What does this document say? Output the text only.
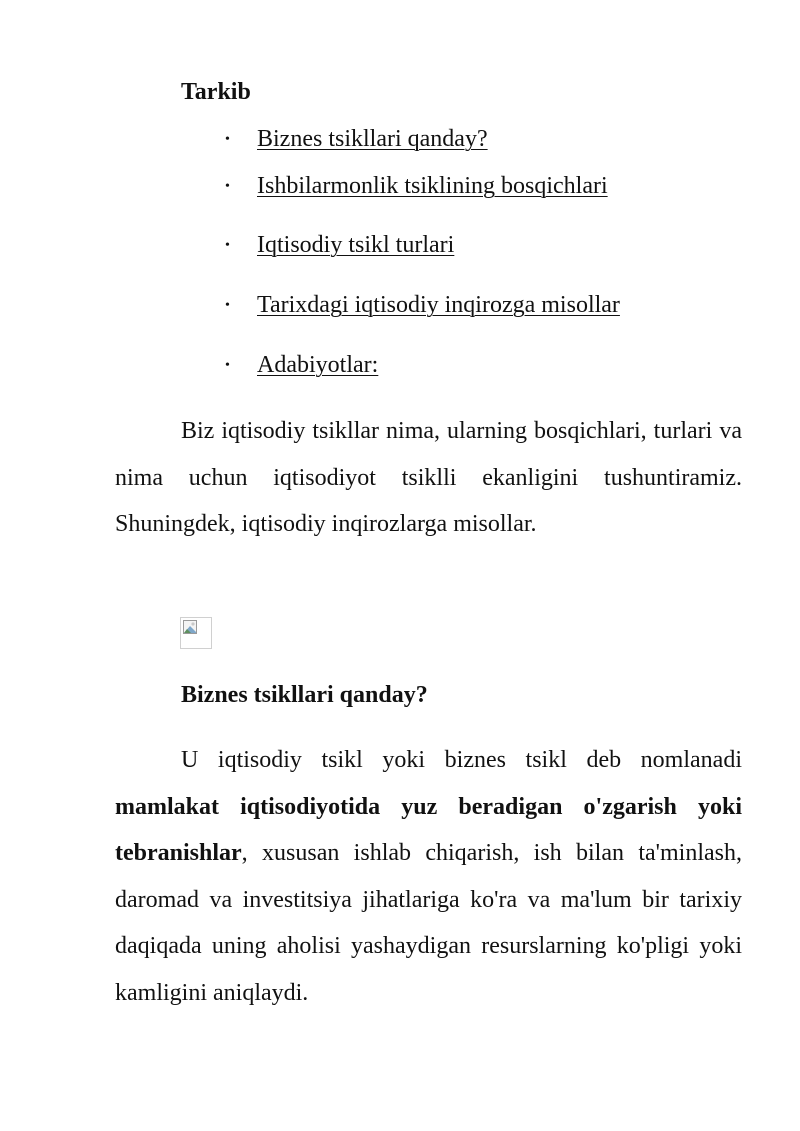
Tarkib
• Biznes tsikllari qanday?
• Ishbilarmonlik tsiklining bosqichlari
• Iqtisodiy tsikl turlari
• Tarixdagi iqtisodiy inqirozga misollar
• Adabiyotlar:

Biz iqtisodiy tsikllar nima, ularning bosqichlari, turlari va nima uchun iqtisodiyot tsiklli ekanligini tushuntiramiz. Shuningdek, iqtisodiy inqirozlarga misollar.

Biznes tsikllari qanday?

U iqtisodiy tsikl yoki biznes tsikl deb nomlanadi mamlakat iqtisodiyotida yuz beradigan o'zgarish yoki tebranishlar, xususan ishlab chiqarish, ish bilan ta'minlash, daromad va investitsiya jihatlariga ko'ra va ma'lum bir tarixiy daqiqada uning aholisi yashaydigan resurslarning ko'pligi yoki kamligini aniqlaydi.
